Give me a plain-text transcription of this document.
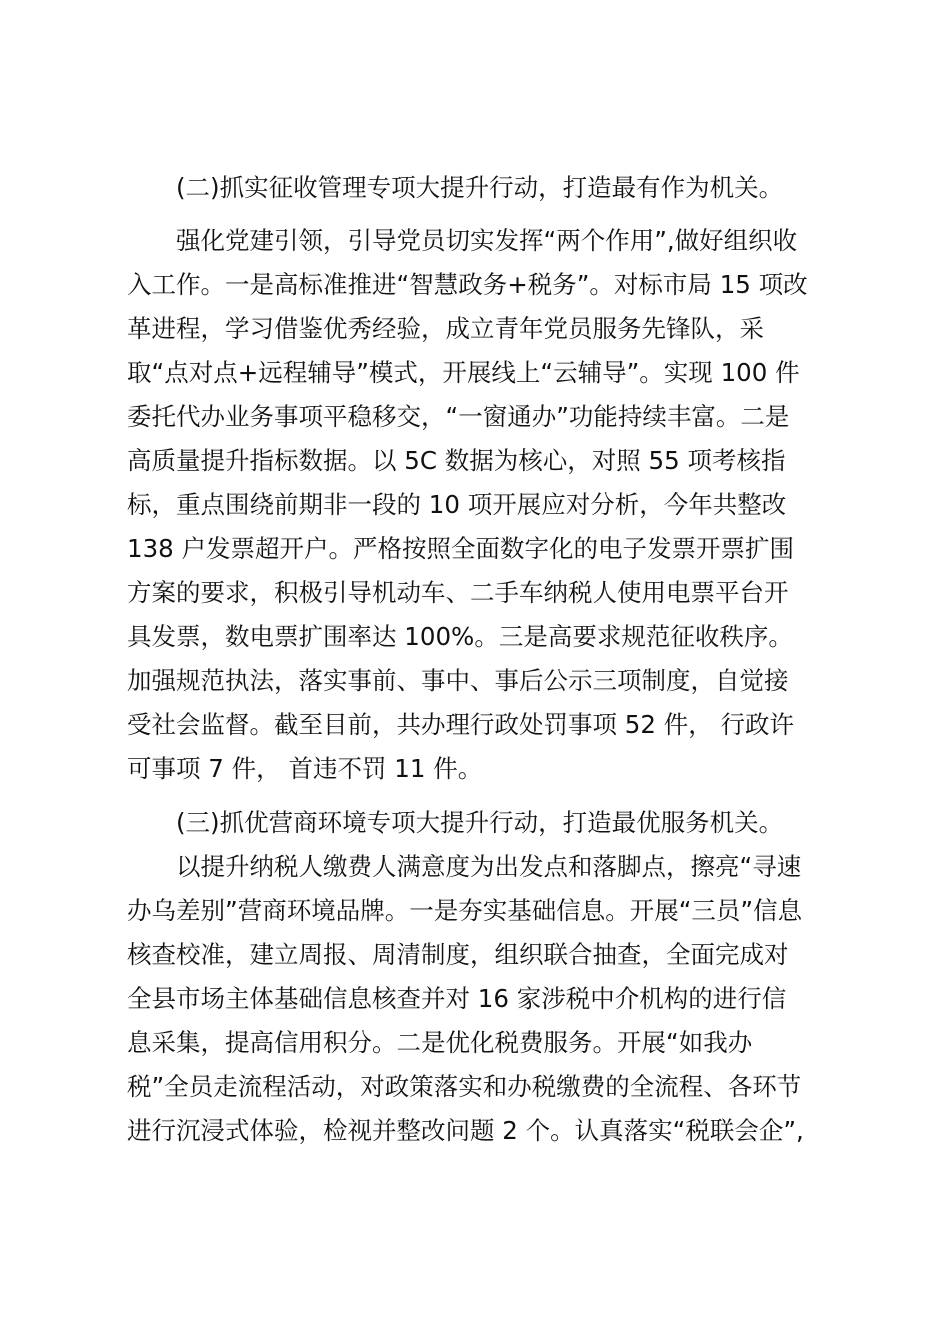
(二)抓实征收管理专项大提升行动，打造最有作为机关。
强化党建引领，引导党员切实发挥“两个作用”,做好组织收
入工作。一是高标准推进“智慧政务+税务”。对标市局 15 项改
革进程，学习借鉴优秀经验，成立青年党员服务先锋队，采
取“点对点+远程辅导”模式，开展线上“云辅导”。实现 100 件
委托代办业务事项平稳移交，“一窗通办”功能持续丰富。二是
高质量提升指标数据。以 5C 数据为核心，对照 55 项考核指
标，重点围绕前期非一段的 10 项开展应对分析，今年共整改
138 户发票超开户。严格按照全面数字化的电子发票开票扩围
方案的要求，积极引导机动车、二手车纳税人使用电票平台开
具发票，数电票扩围率达 100%。三是高要求规范征收秩序。
加强规范执法，落实事前、事中、事后公示三项制度，自觉接
受社会监督。截至目前，共办理行政处罚事项 52 件， 行政许
可事项 7 件， 首违不罚 11 件。
(三)抓优营商环境专项大提升行动，打造最优服务机关。
以提升纳税人缴费人满意度为出发点和落脚点，擦亮“寻速
办乌差别”营商环境品牌。一是夯实基础信息。开展“三员”信息
核查校准，建立周报、周清制度，组织联合抽查，全面完成对
全县市场主体基础信息核查并对 16 家涉税中介机构的进行信
息采集，提高信用积分。二是优化税费服务。开展“如我办
税”全员走流程活动，对政策落实和办税缴费的全流程、各环节
进行沉浸式体验，检视并整改问题 2 个。认真落实“税联会企”,
